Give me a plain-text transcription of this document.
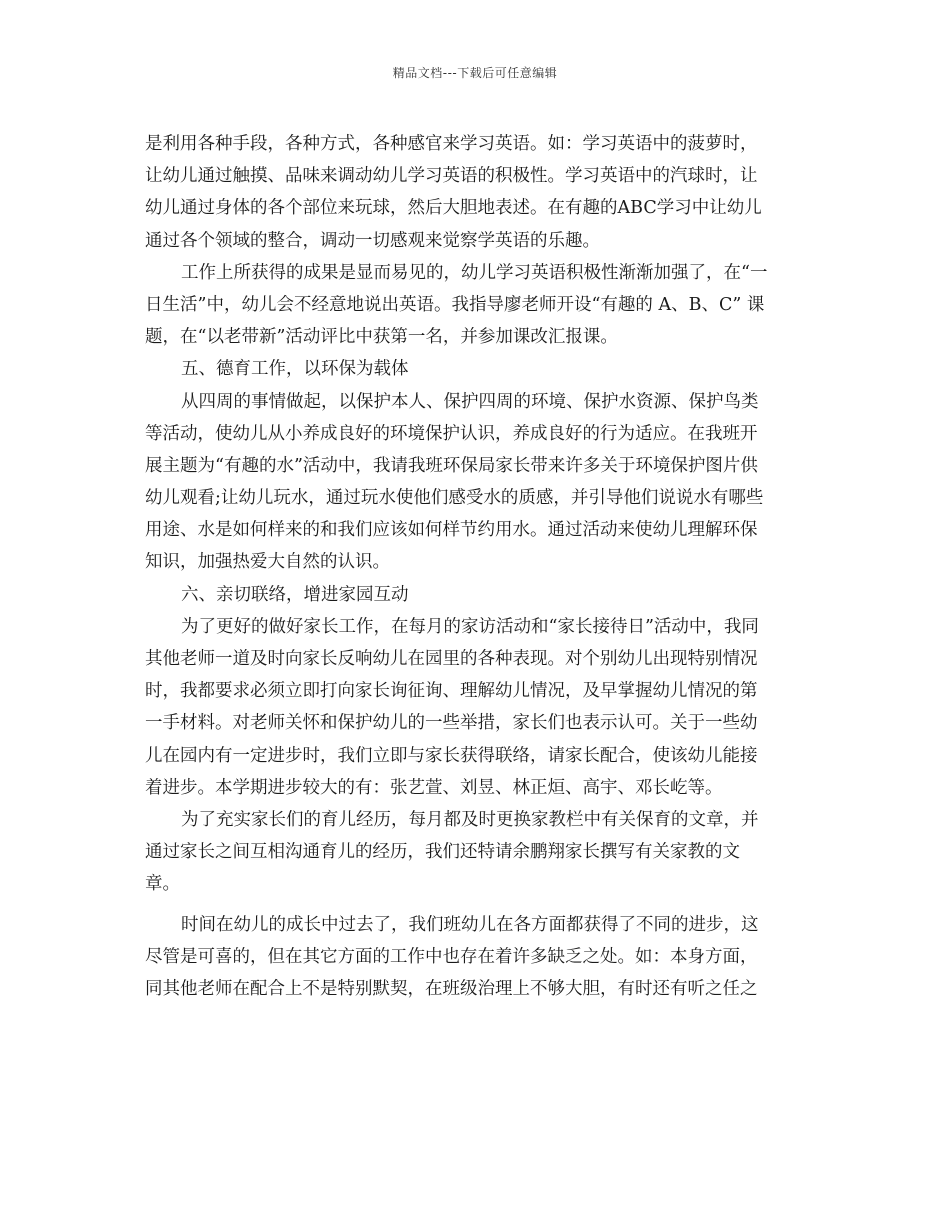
精品文档---下载后可任意编辑
是利用各种手段，各种方式，各种感官来学习英语。如：学习英语中的菠萝时，
让幼儿通过触摸、品味来调动幼儿学习英语的积极性。学习英语中的汽球时，让
幼儿通过身体的各个部位来玩球，然后大胆地表述。在有趣的ABC学习中让幼儿
通过各个领域的整合，调动一切感观来觉察学英语的乐趣。
工作上所获得的成果是显而易见的，幼儿学习英语积极性渐渐加强了，在“一
日生活”中，幼儿会不经意地说出英语。我指导廖老师开设“有趣的 A、B、C” 课
题，在“以老带新”活动评比中获第一名，并参加课改汇报课。
五、德育工作，以环保为载体
从四周的事情做起，以保护本人、保护四周的环境、保护水资源、保护鸟类
等活动，使幼儿从小养成良好的环境保护认识，养成良好的行为适应。在我班开
展主题为“有趣的水”活动中，我请我班环保局家长带来许多关于环境保护图片供
幼儿观看;让幼儿玩水，通过玩水使他们感受水的质感，并引导他们说说水有哪些
用途、水是如何样来的和我们应该如何样节约用水。通过活动来使幼儿理解环保
知识，加强热爱大自然的认识。
六、亲切联络，增进家园互动
为了更好的做好家长工作，在每月的家访活动和“家长接待日”活动中，我同
其他老师一道及时向家长反响幼儿在园里的各种表现。对个别幼儿出现特别情况
时，我都要求必须立即打向家长询征询、理解幼儿情况，及早掌握幼儿情况的第
一手材料。对老师关怀和保护幼儿的一些举措，家长们也表示认可。关于一些幼
儿在园内有一定进步时，我们立即与家长获得联络，请家长配合，使该幼儿能接
着进步。本学期进步较大的有：张艺萱、刘昱、林正烜、高宇、邓长屹等。
为了充实家长们的育儿经历，每月都及时更换家教栏中有关保育的文章，并
通过家长之间互相沟通育儿的经历，我们还特请余鹏翔家长撰写有关家教的文
章。
时间在幼儿的成长中过去了，我们班幼儿在各方面都获得了不同的进步，这
尽管是可喜的，但在其它方面的工作中也存在着许多缺乏之处。如：本身方面，
同其他老师在配合上不是特别默契，在班级治理上不够大胆，有时还有听之任之
